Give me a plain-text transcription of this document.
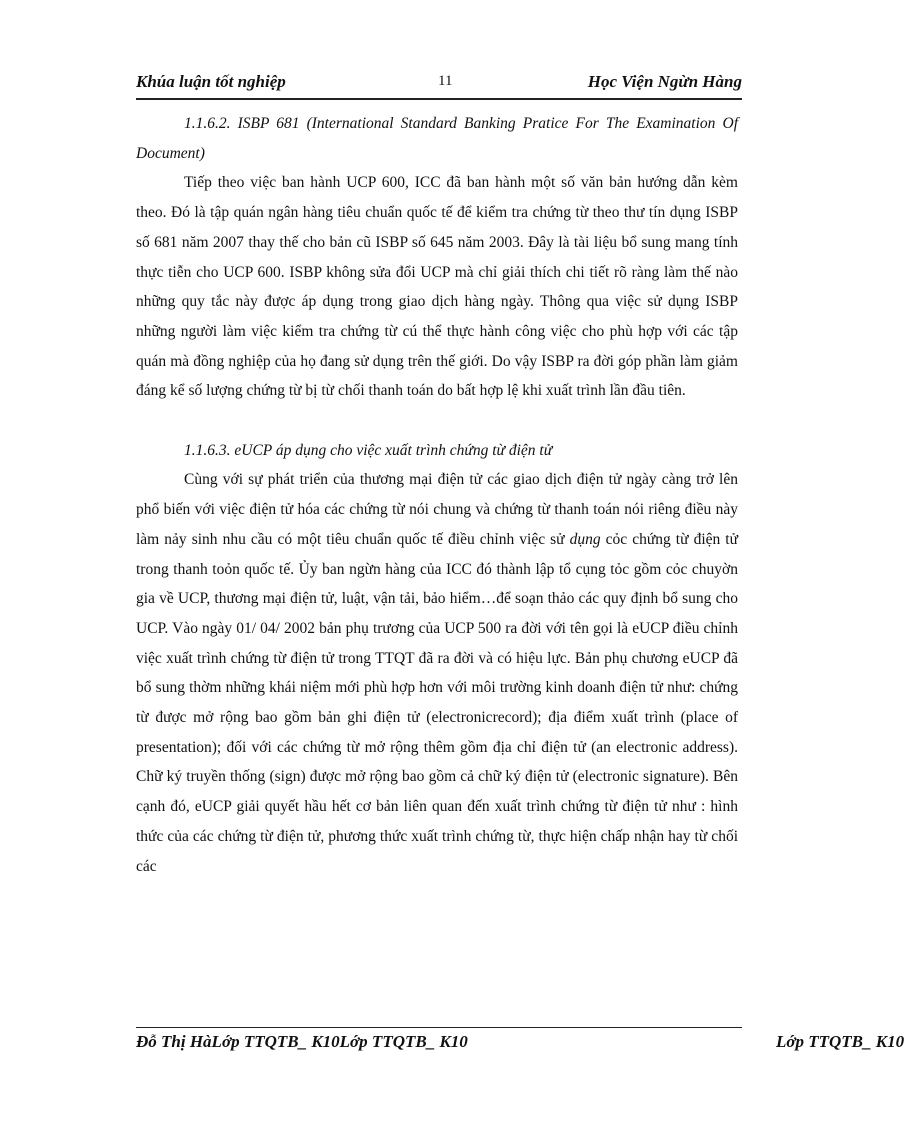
Khúa luận tốt nghiệp	11	Học Viện Ngừn Hàng

1.1.6.2. ISBP 681 (International Standard Banking Pratice For The Examination Of Document)

Tiếp theo việc ban hành UCP 600, ICC đã ban hành một số văn bản hướng dẫn kèm theo. Đó là tập quán ngân hàng tiêu chuẩn quốc tế để kiểm tra chứng từ theo thư tín dụng ISBP số 681 năm 2007 thay thế cho bản cũ ISBP số 645 năm 2003. Đây là tài liệu bổ sung mang tính thực tiễn cho UCP 600. ISBP không sửa đổi UCP mà chỉ giải thích chi tiết rõ ràng làm thế nào những quy tắc này được áp dụng trong giao dịch hàng ngày. Thông qua việc sử dụng ISBP những người làm việc kiểm tra chứng từ cú thể thực hành công việc cho phù hợp với các tập quán mà đồng nghiệp của họ đang sử dụng trên thế giới. Do vậy ISBP ra đời góp phần làm giảm đáng kể số lượng chứng từ bị từ chối thanh toán do bất hợp lệ khi xuất trình lần đầu tiên.

1.1.6.3. eUCP áp dụng cho việc xuất trình chứng từ điện tử

Cùng với sự phát triển của thương mại điện tử các giao dịch điện tử ngày càng trở lên phổ biến với việc điện tử hóa các chứng từ nói chung và chứng từ thanh toán nói riêng điều này làm nảy sinh nhu cầu có một tiêu chuẩn quốc tế điều chỉnh việc sử dụng cỏc chứng từ điện tử trong thanh toỏn quốc tế. Ủy ban ngừn hàng của ICC đó thành lập tổ cụng tỏc gồm cỏc chuyờn gia về UCP, thương mại điện tử, luật, vận tải, bảo hiểm…để soạn thảo các quy định bổ sung cho UCP. Vào ngày 01/ 04/ 2002 bản phụ trương của UCP 500 ra đời với tên gọi là eUCP điều chỉnh việc xuất trình chứng từ điện tử trong TTQT đã ra đời và có hiệu lực. Bản phụ chương eUCP đã bổ sung thờm những khái niệm mới phù hợp hơn với môi trường kinh doanh điện tử như: chứng từ được mở rộng bao gồm bản ghi điện tử (electronicrecord); địa điểm xuất trình (place of presentation); đối với các chứng từ mở rộng thêm gồm địa chỉ điện tử (an electronic address). Chữ ký truyền thống (sign) được mở rộng bao gồm cả chữ ký điện tử (electronic signature). Bên cạnh đó, eUCP giải quyết hầu hết cơ bản liên quan đến xuất trình chứng từ điện tử như : hình thức của các chứng từ điện tử, phương thức xuất trình chứng từ, thực hiện chấp nhận hay từ chối các

Đỗ Thị HàLớp TTQTB_ K10Lớp TTQTB_ K10	Lớp TTQTB_ K10
